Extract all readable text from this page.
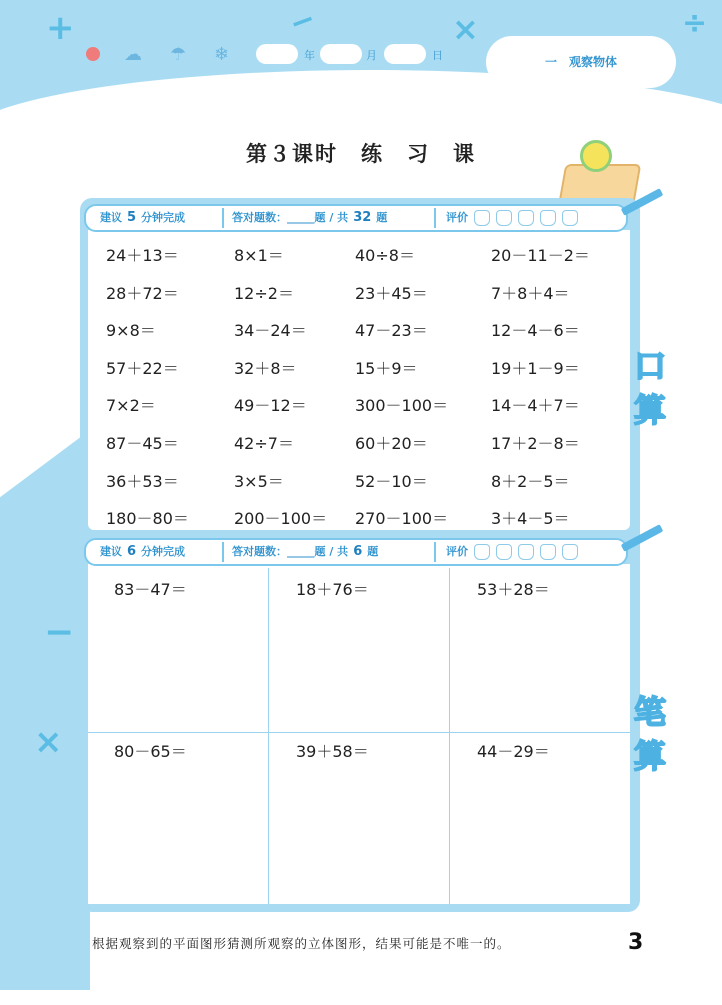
+	−	×	÷
☁ ☂ ❄	年	月	日	一　观察物体
第３课时　练　习　课
−
×
建议 5 分钟完成	答对题数：_____题 / 共 32 题	评价
24＋13＝	8×1＝	40÷8＝	20－11－2＝
28＋72＝	12÷2＝	23＋45＝	7＋8＋4＝
9×8＝	34－24＝	47－23＝	12－4－6＝
57＋22＝	32＋8＝	15＋9＝	19＋1－9＝
7×2＝	49－12＝	300－100＝	14－4＋7＝
87－45＝	42÷7＝	60＋20＝	17＋2－8＝
36＋53＝	3×5＝	52－10＝	8＋2－5＝
180－80＝	200－100＝ 270－100＝	3＋4－5＝
口
算
建议 6 分钟完成	答对题数：_____题 / 共 6 题	评价
83－47＝	18＋76＝	53＋28＝
80－65＝	39＋58＝	44－29＝
笔
算
根据观察到的平面图形猜测所观察的立体图形，结果可能是不唯一的。	3
